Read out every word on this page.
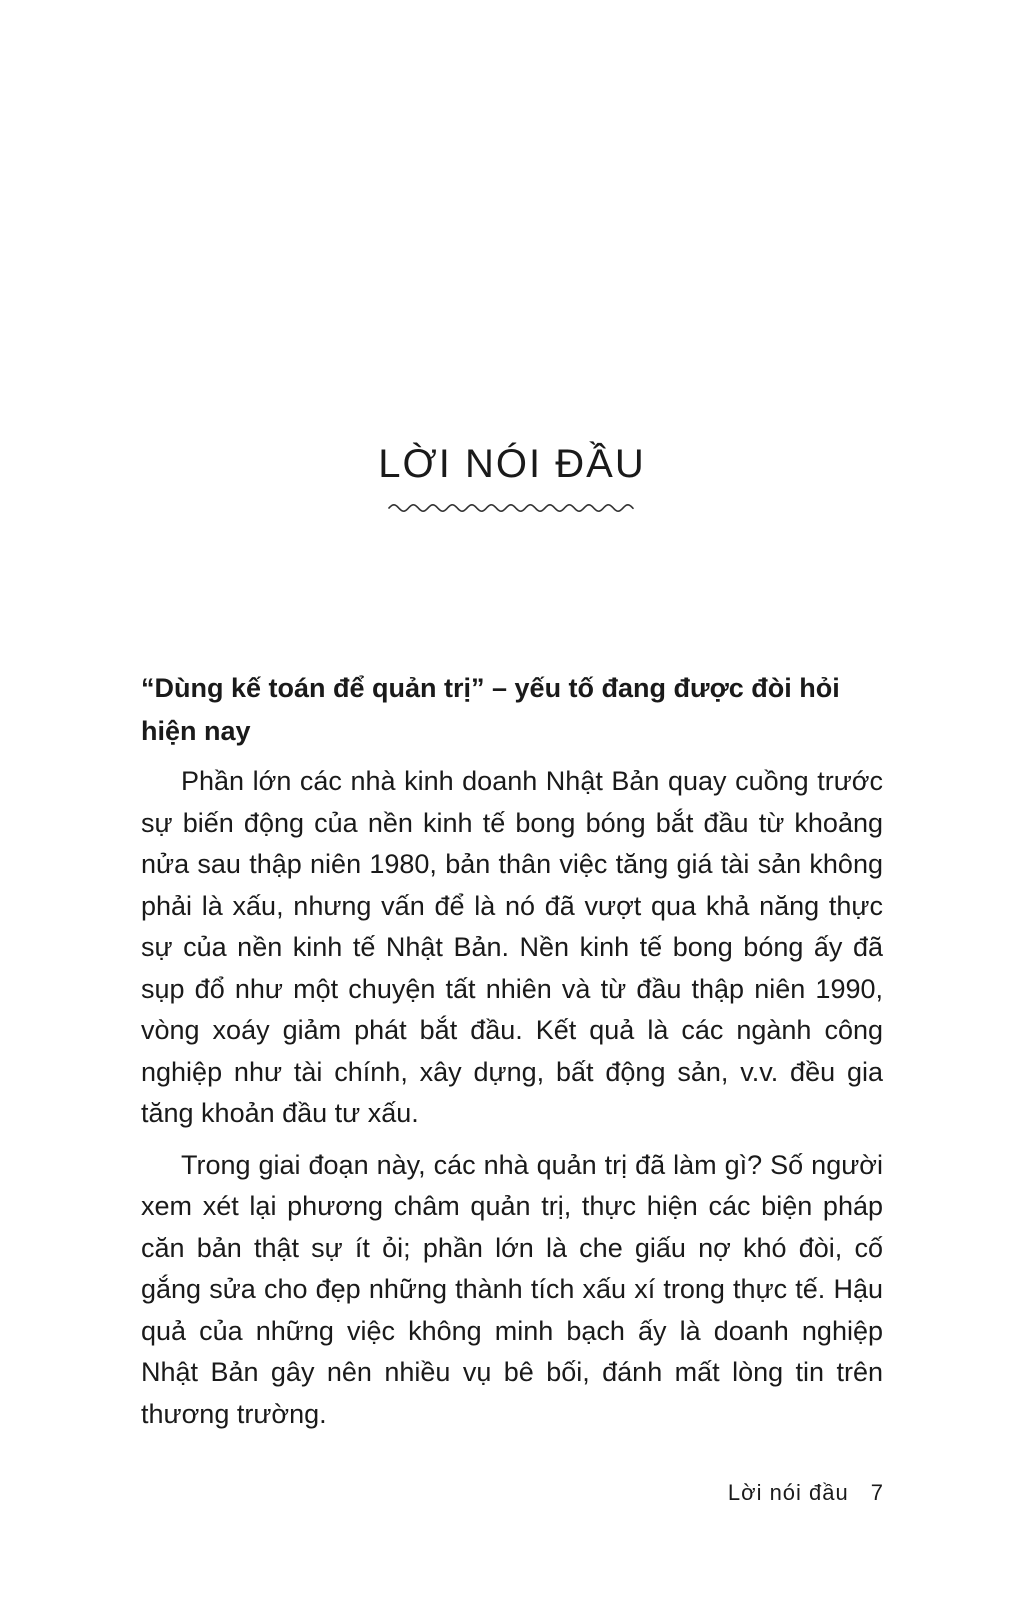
LỜI NÓI ĐẦU
“Dùng kế toán để quản trị” – yếu tố đang được đòi hỏi hiện nay

Phần lớn các nhà kinh doanh Nhật Bản quay cuồng trước sự biến động của nền kinh tế bong bóng bắt đầu từ khoảng nửa sau thập niên 1980, bản thân việc tăng giá tài sản không phải là xấu, nhưng vấn để là nó đã vượt qua khả năng thực sự của nền kinh tế Nhật Bản. Nền kinh tế bong bóng ấy đã sụp đổ như một chuyện tất nhiên và từ đầu thập niên 1990, vòng xoáy giảm phát bắt đầu. Kết quả là các ngành công nghiệp như tài chính, xây dựng, bất động sản, v.v. đều gia tăng khoản đầu tư xấu.

Trong giai đoạn này, các nhà quản trị đã làm gì? Số người xem xét lại phương châm quản trị, thực hiện các biện pháp căn bản thật sự ít ỏi; phần lớn là che giấu nợ khó đòi, cố gắng sửa cho đẹp những thành tích xấu xí trong thực tế. Hậu quả của những việc không minh bạch ấy là doanh nghiệp Nhật Bản gây nên nhiều vụ bê bối, đánh mất lòng tin trên thương trường.

Lời nói đầu 7
